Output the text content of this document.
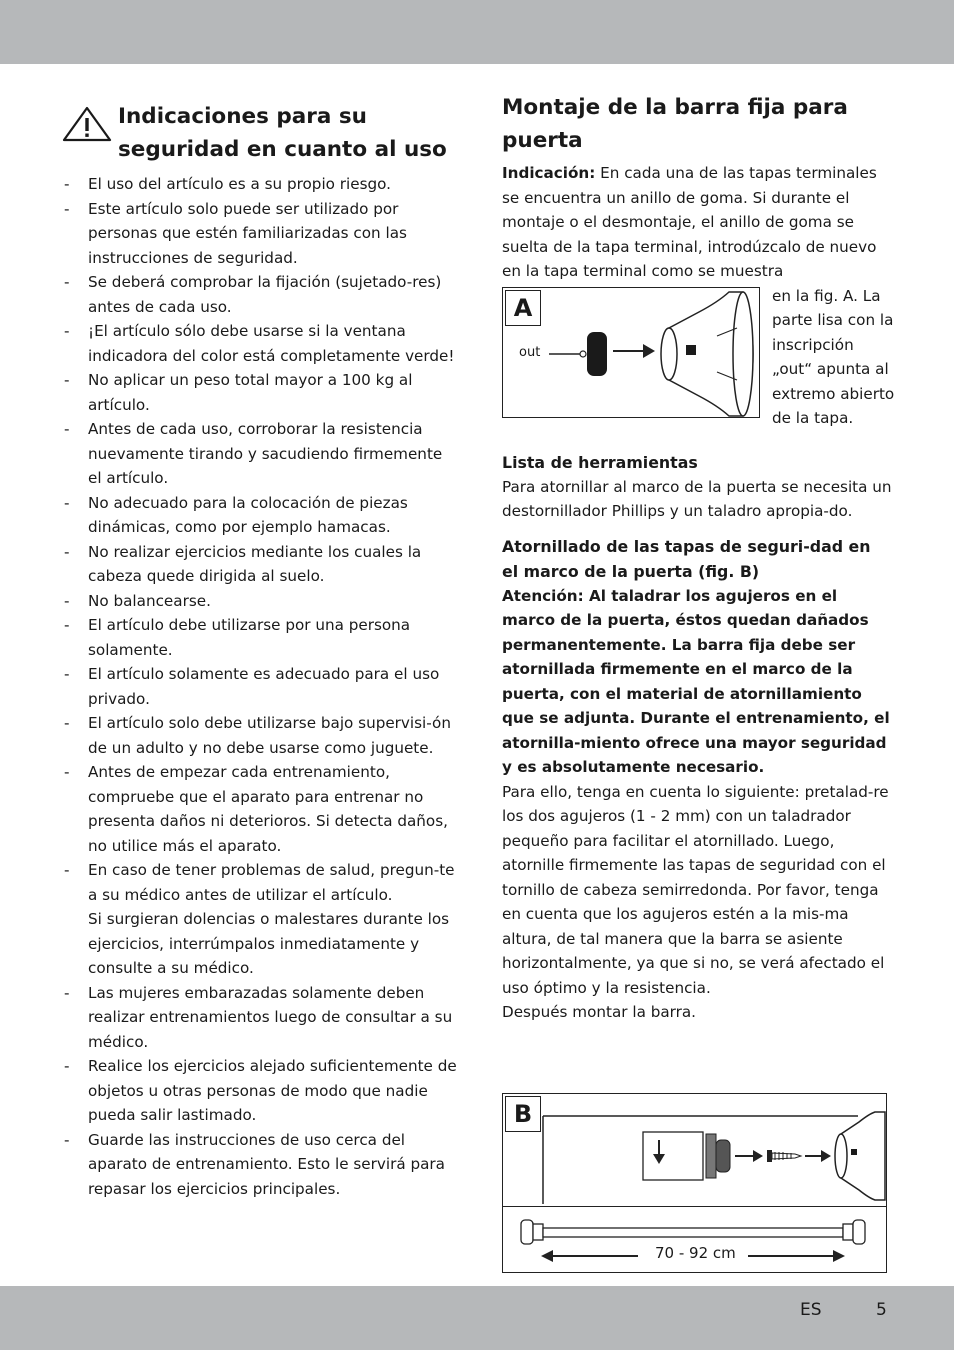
Indicaciones para su
seguridad en cuanto al uso
- El uso del artículo es a su propio riesgo.
- Este artículo solo puede ser utilizado por personas que estén familiarizadas con las instrucciones de seguridad.
- Se deberá comprobar la fijación (sujetado-res) antes de cada uso.
- ¡El artículo sólo debe usarse si la ventana indicadora del color está completamente verde!
- No aplicar un peso total mayor a 100 kg al artículo.
- Antes de cada uso, corroborar la resistencia nuevamente tirando y sacudiendo firmemente el artículo.
- No adecuado para la colocación de piezas dinámicas, como por ejemplo hamacas.
- No realizar ejercicios mediante los cuales la cabeza quede dirigida al suelo.
- No balancearse.
- El artículo debe utilizarse por una persona solamente.
- El artículo solamente es adecuado para el uso privado.
- El artículo solo debe utilizarse bajo supervisi-ón de un adulto y no debe usarse como juguete.
- Antes de empezar cada entrenamiento, compruebe que el aparato para entrenar no presenta daños ni deterioros. Si detecta daños, no utilice más el aparato.
- En caso de tener problemas de salud, pregun-te a su médico antes de utilizar el artículo.
Si surgieran dolencias o malestares durante los ejercicios, interrúmpalos inmediatamente y consulte a su médico.
- Las mujeres embarazadas solamente deben realizar entrenamientos luego de consultar a su médico.
- Realice los ejercicios alejado suficientemente de objetos u otras personas de modo que nadie pueda salir lastimado.
- Guarde las instrucciones de uso cerca del aparato de entrenamiento. Esto le servirá para repasar los ejercicios principales.
Montaje de la barra fija para
puerta

Indicación: En cada una de las tapas terminales se encuentra un anillo de goma. Si durante el montaje o el desmontaje, el anillo de goma se suelta de la tapa terminal, introdúzcalo de nuevo en la tapa terminal como se muestra

A
out
en la fig. A. La parte lisa con la inscripción „out“ apunta al extremo abierto de la tapa.
Lista de herramientas

Para atornillar al marco de la puerta se necesita un destornillador Phillips y un taladro apropia-do.

Atornillado de las tapas de seguri-dad en el marco de la puerta (fig. B)

Atención: Al taladrar los agujeros en el marco de la puerta, éstos quedan dañados permanentemente. La barra fija debe ser atornillada firmemente en el marco de la puerta, con el material de atornillamiento que se adjunta. Durante el entrenamiento, el atornilla-miento ofrece una mayor seguridad y es absolutamente necesario.

Para ello, tenga en cuenta lo siguiente: pretalad-re los dos agujeros (1 - 2 mm) con un taladrador pequeño para facilitar el atornillado. Luego, atornille firmemente las tapas de seguridad con el tornillo de cabeza semirredonda. Por favor, tenga en cuenta que los agujeros estén a la mis-ma altura, de tal manera que la barra se asiente horizontalmente, ya que si no, se verá afectado el uso óptimo y la resistencia.

Después montar la barra.

B
70 - 92 cm
ES	5
